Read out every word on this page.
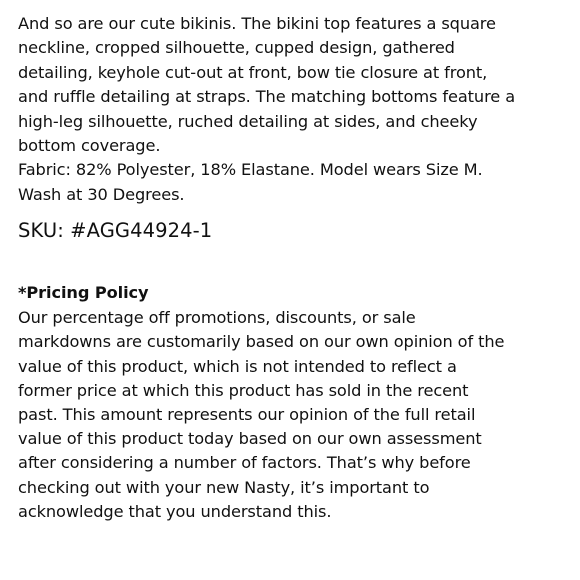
And so are our cute bikinis. The bikini top features a square
neckline, cropped silhouette, cupped design, gathered
detailing, keyhole cut-out at front, bow tie closure at front,
and ruffle detailing at straps. The matching bottoms feature a
high-leg silhouette, ruched detailing at sides, and cheeky
bottom coverage.
Fabric: 82% Polyester, 18% Elastane. Model wears Size M.
Wash at 30 Degrees.

SKU: #AGG44924-1

*Pricing Policy

Our percentage off promotions, discounts, or sale
markdowns are customarily based on our own opinion of the
value of this product, which is not intended to reflect a
former price at which this product has sold in the recent
past. This amount represents our opinion of the full retail
value of this product today based on our own assessment
after considering a number of factors. That’s why before
checking out with your new Nasty, it’s important to
acknowledge that you understand this.
